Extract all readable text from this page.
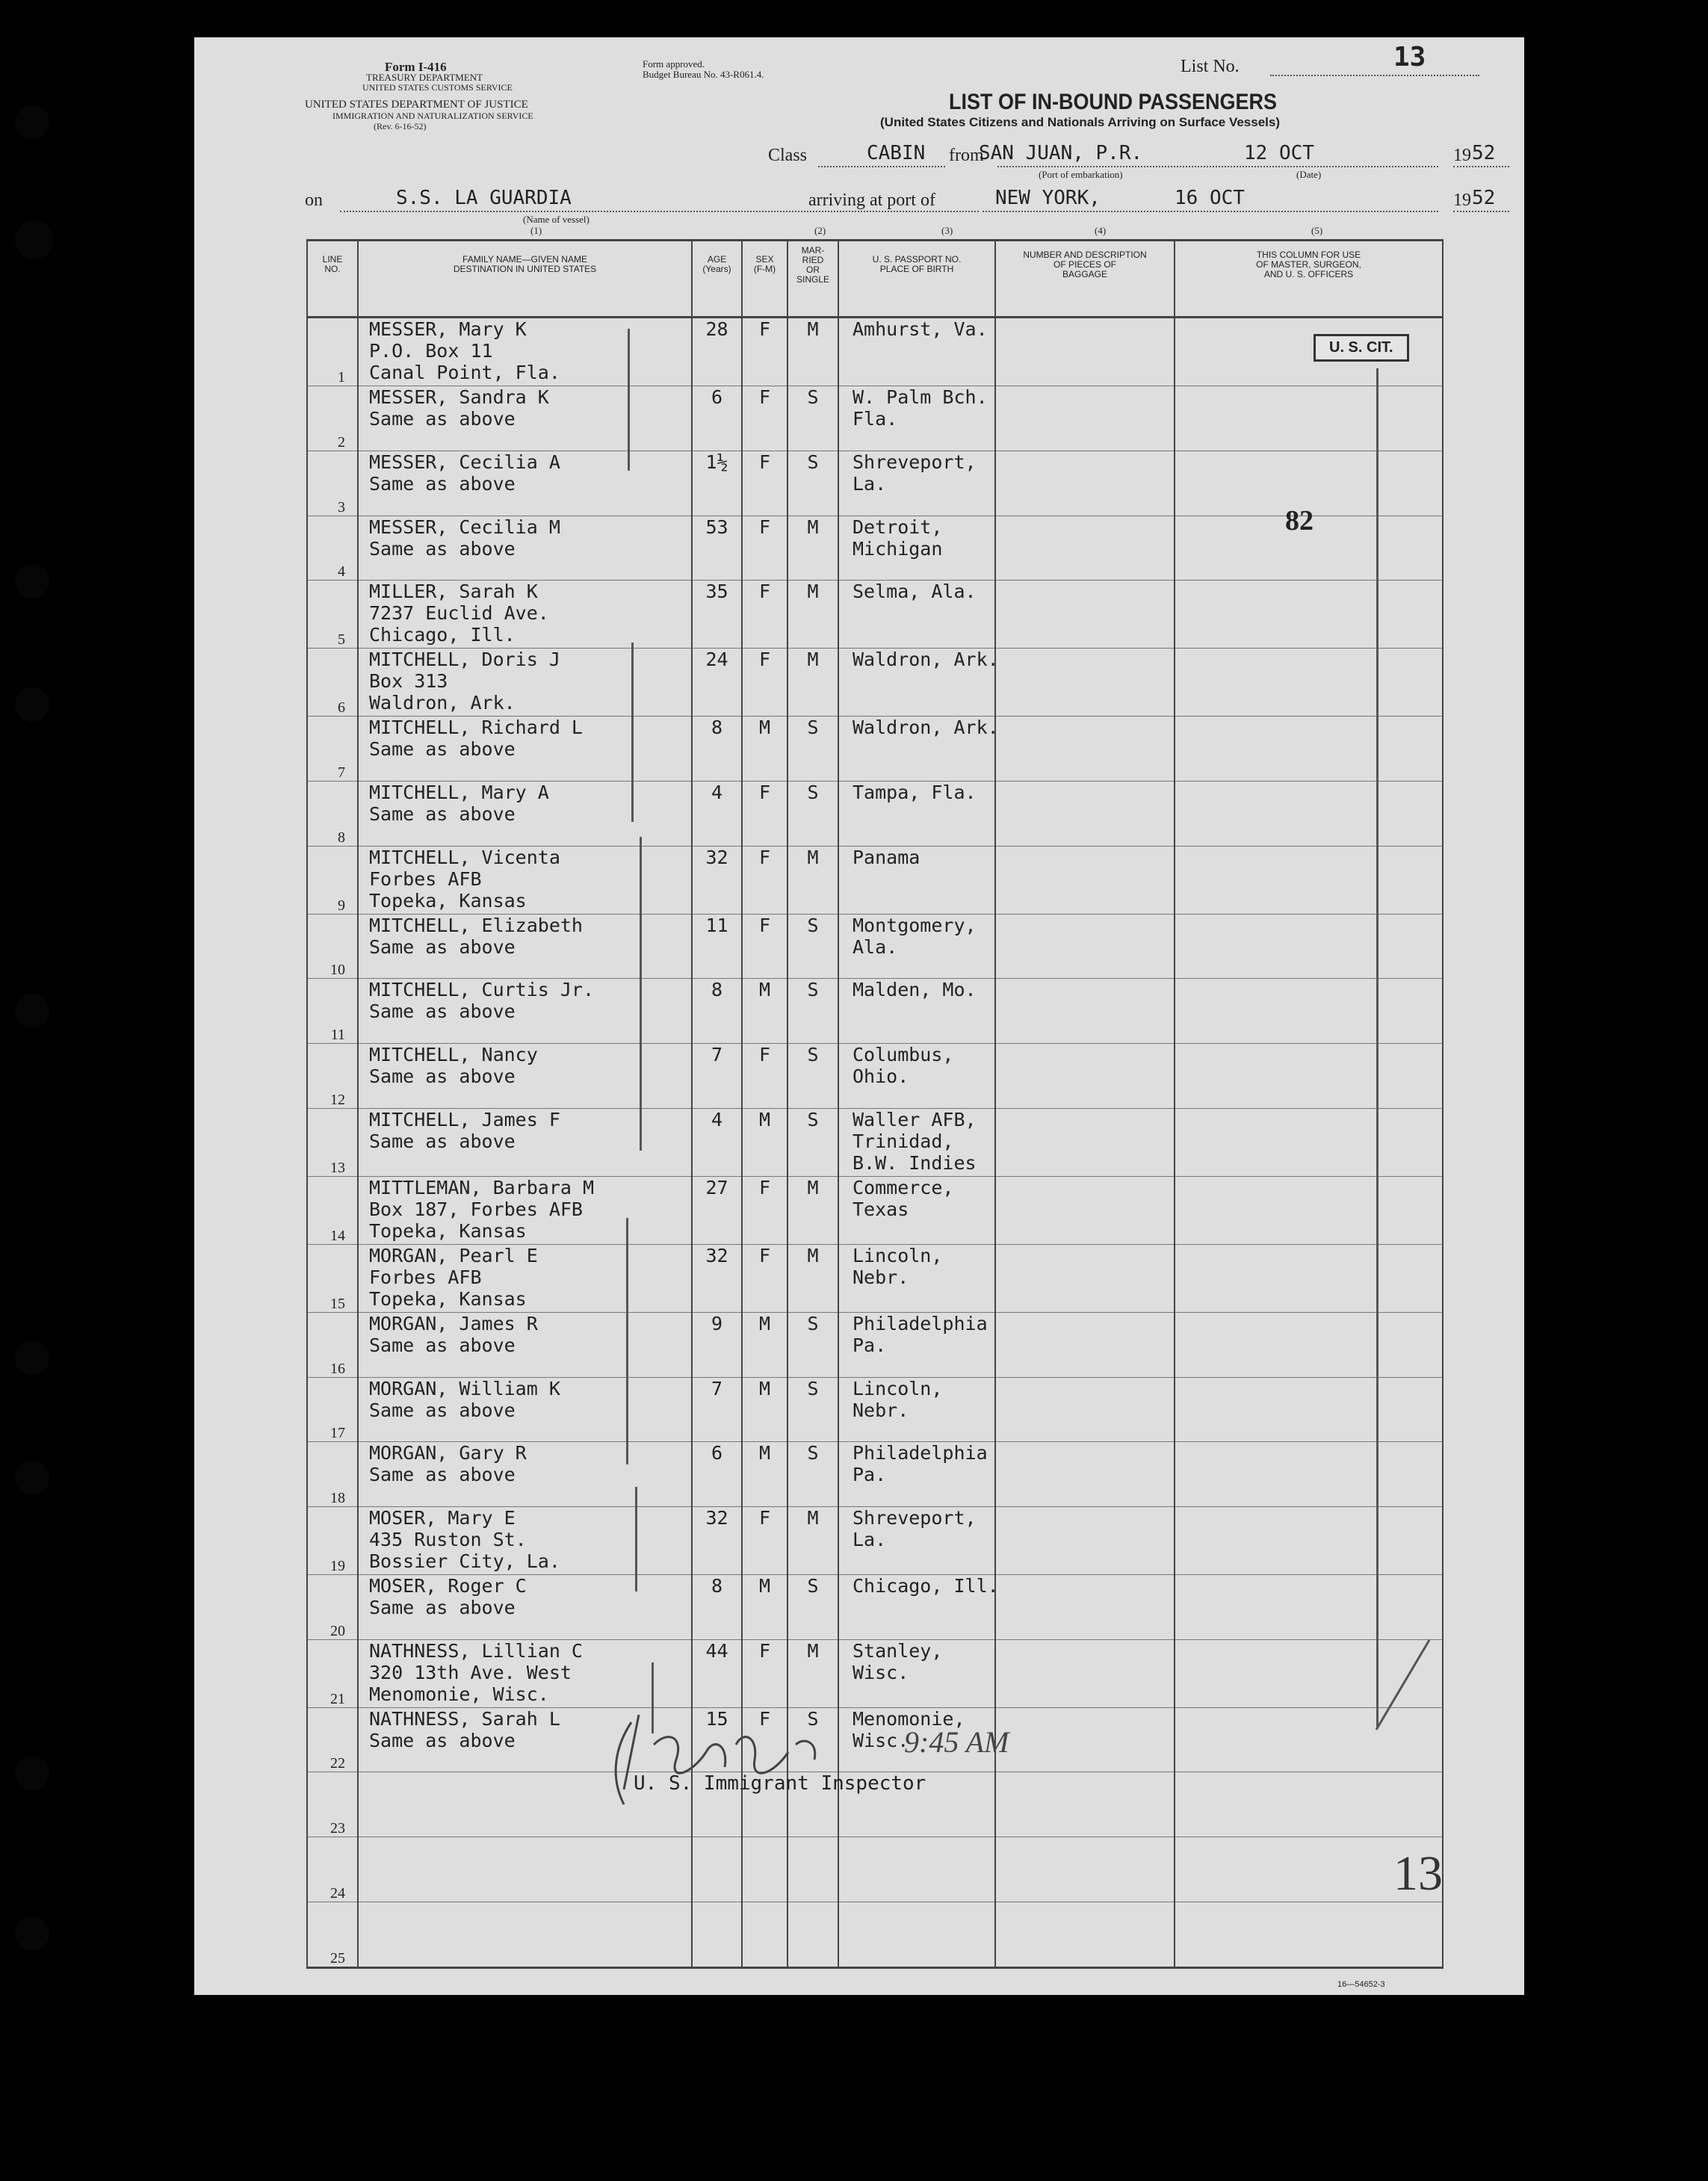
Form I-416
TREASURY DEPARTMENT
UNITED STATES CUSTOMS SERVICE
UNITED STATES DEPARTMENT OF JUSTICE
IMMIGRATION AND NATURALIZATION SERVICE
(Rev. 6-16-52)
Form approved.
Budget Bureau No. 43-R061.4.	List No.	13
LIST OF IN-BOUND PASSENGERS
(United States Citizens and Nationals Arriving on Surface Vessels)
Class	CABIN from
SAN JUAN, P.R.
(Port of embarkation)
12 OCT
(Date)
19 52
on	S.S. LA GUARDIA
(Name of vessel)
arriving at port of	NEW YORK,	16 OCT	19 52
(1)	(2)	(3)	(4)	(5)
LINE
NO.	FAMILY NAME—GIVEN NAME
DESTINATION IN UNITED STATES	AGE
(Years)	SEX
(F-M)	MAR-
RIED
OR
SINGLE	U. S. PASSPORT NO.
PLACE OF BIRTH	NUMBER AND DESCRIPTION
OF PIECES OF
BAGGAGE	THIS COLUMN FOR USE
OF MASTER, SURGEON,
AND U. S. OFFICERS

1	MESSER, Mary K
P.O. Box 11
Canal Point, Fla.	28	F	M	Amhurst, Va.		

2	MESSER, Sandra K
Same as above	6	F	S	W. Palm Bch.
Fla.		

3	MESSER, Cecilia A
Same as above	1½	F	S	Shreveport,
La.		

4	MESSER, Cecilia M
Same as above	53	F	M	Detroit,
Michigan		

5	MILLER, Sarah K
7237 Euclid Ave.
Chicago, Ill.	35	F	M	Selma, Ala.		

6	MITCHELL, Doris J
Box 313
Waldron, Ark.	24	F	M	Waldron, Ark.		

7	MITCHELL, Richard L
Same as above	8	M	S	Waldron, Ark.		

8	MITCHELL, Mary A
Same as above	4	F	S	Tampa, Fla.		

9	MITCHELL, Vicenta
Forbes AFB
Topeka, Kansas	32	F	M	Panama		

10	MITCHELL, Elizabeth
Same as above	11	F	S	Montgomery,
Ala.		

11	MITCHELL, Curtis Jr.
Same as above	8	M	S	Malden, Mo.		

12	MITCHELL, Nancy
Same as above	7	F	S	Columbus,
Ohio.		

13	MITCHELL, James F
Same as above	4	M	S	Waller AFB,
Trinidad,
B.W. Indies		

14	MITTLEMAN, Barbara M
Box 187, Forbes AFB
Topeka, Kansas	27	F	M	Commerce,
Texas		

15	MORGAN, Pearl E
Forbes AFB
Topeka, Kansas	32	F	M	Lincoln,
Nebr.		

16	MORGAN, James R
Same as above	9	M	S	Philadelphia
Pa.		

17	MORGAN, William K
Same as above	7	M	S	Lincoln,
Nebr.		

18	MORGAN, Gary R
Same as above	6	M	S	Philadelphia
Pa.		

19	MOSER, Mary E
435 Ruston St.
Bossier City, La.	32	F	M	Shreveport,
La.		

20	MOSER, Roger C
Same as above	8	M	S	Chicago, Ill.		

21	NATHNESS, Lillian C
320 13th Ave. West
Menomonie, Wisc.	44	F	M	Stanley,
Wisc.		

22	NATHNESS, Sarah L
Same as above	15	F	S	Menomonie,
Wisc.		

23							

24							

25							

U. S. CIT.
82
U. S. Immigrant Inspector
9:45 AM
13
16—54652-3
